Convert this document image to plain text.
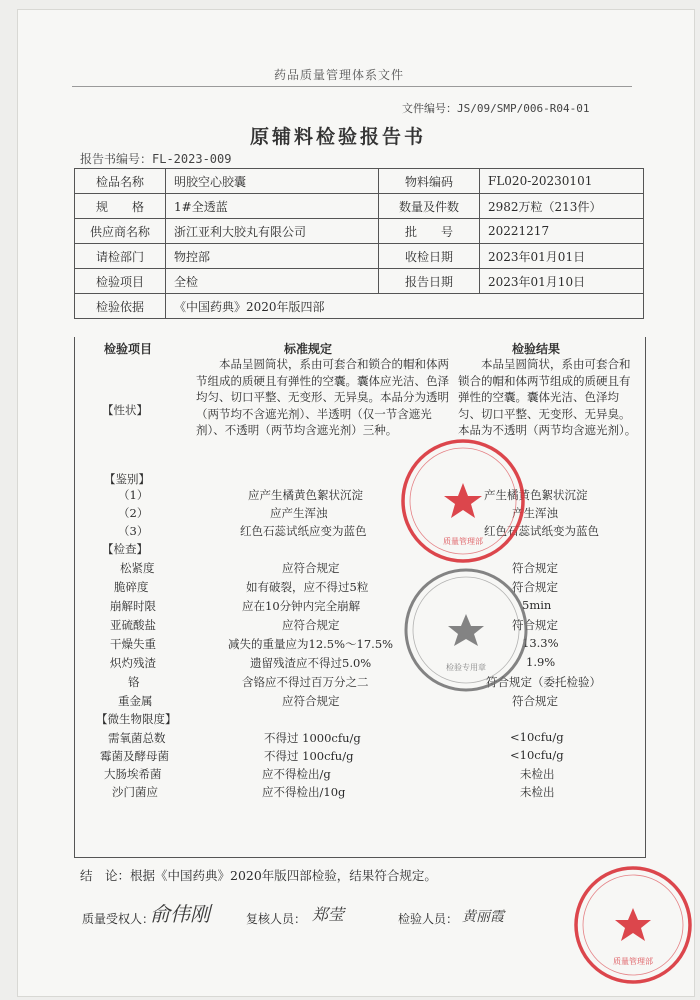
药品质量管理体系文件
文件编号：JS/09/SMP/006-R04-01
原辅料检验报告书
报告书编号：FL-2023-009
检品名称	明胶空心胶囊	物料编码	FL020-20230101
规　　格	1#全透蓝	数量及件数	2982万粒（213件）
供应商名称	浙江亚利大胶丸有限公司	批　　号	20221217
请检部门	物控部	收检日期	2023年01月01日
检验项目	全检	报告日期	2023年01月10日
检验依据	《中国药典》2020年版四部		
检验项目	标准规定	检验结果
【性状】
本品呈圆筒状，系由可套合和锁合的帽和体两节组成的质硬且有弹性的空囊。囊体应光洁、色泽均匀、切口平整、无变形、无异臭。本品分为透明（两节均不含遮光剂）、半透明（仅一节含遮光剂）、不透明（两节均含遮光剂）三种。
本品呈圆筒状，系由可套合和锁合的帽和体两节组成的质硬且有弹性的空囊。囊体光洁、色泽均匀、切口平整、无变形、无异臭。本品为不透明（两节均含遮光剂）。
【鉴别】
（1）	应产生橘黄色絮状沉淀	产生橘黄色絮状沉淀
（2）	应产生浑浊	产生浑浊
（3）	红色石蕊试纸应变为蓝色	红色石蕊试纸变为蓝色
【检查】
松紧度	应符合规定	符合规定
脆碎度	如有破裂，应不得过5粒	符合规定
崩解时限	应在10分钟内完全崩解	5min
亚硫酸盐	应符合规定	符合规定
干燥失重	减失的重量应为12.5%～17.5%	13.3%
炽灼残渣	遗留残渣应不得过5.0%	1.9%
铬	含铬应不得过百万分之二	符合规定（委托检验）
重金属	应符合规定	符合规定
【微生物限度】
需氧菌总数	不得过 1000cfu/g	<10cfu/g
霉菌及酵母菌	不得过 100cfu/g	<10cfu/g
大肠埃希菌	应不得检出/g	未检出
沙门菌应	应不得检出/10g	未检出
结　论：根据《中国药典》2020年版四部检验，结果符合规定。
质量受权人：
俞伟刚	复核人员： 郑莹	检验人员： 黄丽霞
质量管理部
检验专用章
质量管理部
